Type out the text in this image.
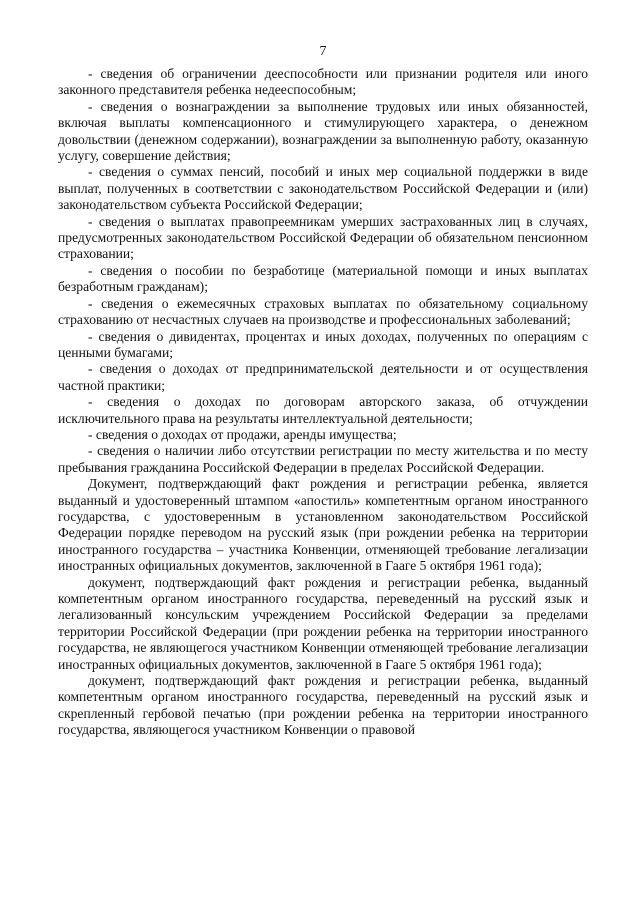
7

- сведения об ограничении дееспособности или признании родителя или иного законного представителя ребенка недееспособным;

- сведения о вознаграждении за выполнение трудовых или иных обязанностей, включая выплаты компенсационного и стимулирующего характера, о денежном довольствии (денежном содержании), вознаграждении за выполненную работу, оказанную услугу, совершение действия;

- сведения о суммах пенсий, пособий и иных мер социальной поддержки в виде выплат, полученных в соответствии с законодательством Российской Федерации и (или) законодательством субъекта Российской Федерации;

- сведения о выплатах правопреемникам умерших застрахованных лиц в случаях, предусмотренных законодательством Российской Федерации об обязательном пенсионном страховании;

- сведения о пособии по безработице (материальной помощи и иных выплатах безработным гражданам);

- сведения о ежемесячных страховых выплатах по обязательному социальному страхованию от несчастных случаев на производстве и профессиональных заболеваний;

- сведения о дивидентах, процентах и иных доходах, полученных по операциям с ценными бумагами;

- сведения о доходах от предпринимательской деятельности и от осуществления частной практики;

- сведения о доходах по договорам авторского заказа, об отчуждении исключительного права на результаты интеллектуальной деятельности;

- сведения о доходах от продажи, аренды имущества;

- сведения о наличии либо отсутствии регистрации по месту жительства и по месту пребывания гражданина Российской Федерации в пределах Российской Федерации.

Документ, подтверждающий факт рождения и регистрации ребенка, является выданный и удостоверенный штампом «апостиль» компетентным органом иностранного государства, с удостоверенным в установленном законодательством Российской Федерации порядке переводом на русский язык (при рождении ребенка на территории иностранного государства – участника Конвенции, отменяющей требование легализации иностранных официальных документов, заключенной в Гааге 5 октября 1961 года);

документ, подтверждающий факт рождения и регистрации ребенка, выданный компетентным органом иностранного государства, переведенный на русский язык и легализованный консульским учреждением Российской Федерации за пределами территории Российской Федерации (при рождении ребенка на территории иностранного государства, не являющегося участником Конвенции отменяющей требование легализации иностранных официальных документов, заключенной в Гааге 5 октября 1961 года);

документ, подтверждающий факт рождения и регистрации ребенка, выданный компетентным органом иностранного государства, переведенный на русский язык и скрепленный гербовой печатью (при рождении ребенка на территории иностранного государства, являющегося участником Конвенции о правовой
